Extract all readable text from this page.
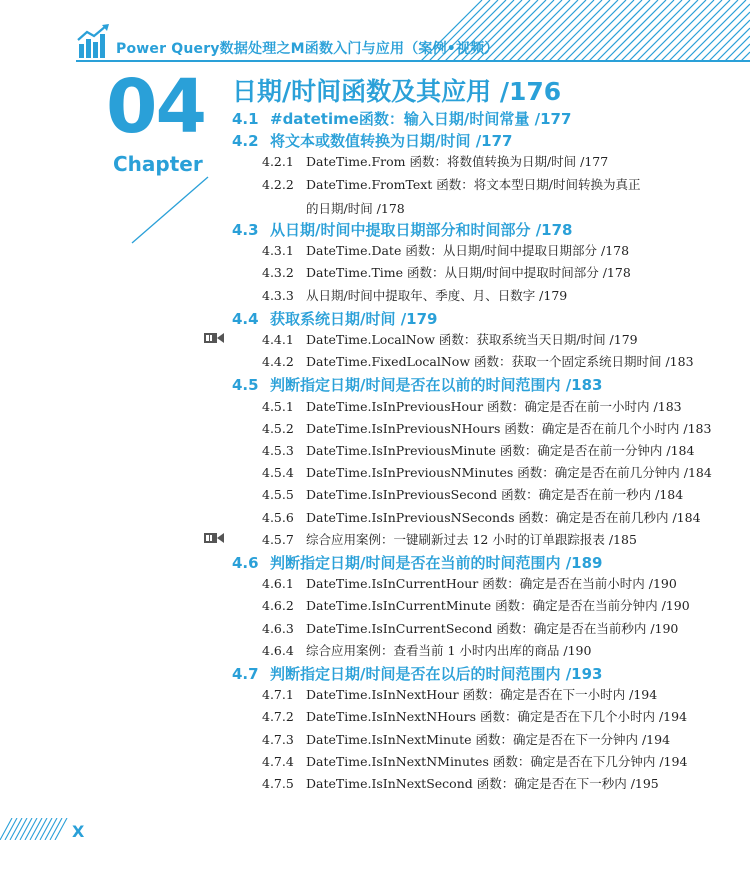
Power Query数据处理之M函数入门与应用（案例•视频）
04
Chapter
日期/时间函数及其应用 /176
4.1 #datetime函数：输入日期/时间常量 /177
4.2 将文本或数值转换为日期/时间 /177
4.2.1 DateTime.From 函数：将数值转换为日期/时间 /177
4.2.2 DateTime.FromText 函数：将文本型日期/时间转换为真正
的日期/时间 /178
4.3 从日期/时间中提取日期部分和时间部分 /178
4.3.1 DateTime.Date 函数：从日期/时间中提取日期部分 /178
4.3.2 DateTime.Time 函数：从日期/时间中提取时间部分 /178
4.3.3 从日期/时间中提取年、季度、月、日数字 /179
4.4 获取系统日期/时间 /179
4.4.1 DateTime.LocalNow 函数：获取系统当天日期/时间 /179
4.4.2 DateTime.FixedLocalNow 函数：获取一个固定系统日期时间 /183
4.5 判断指定日期/时间是否在以前的时间范围内 /183
4.5.1 DateTime.IsInPreviousHour 函数：确定是否在前一小时内 /183
4.5.2 DateTime.IsInPreviousNHours 函数：确定是否在前几个小时内 /183
4.5.3 DateTime.IsInPreviousMinute 函数：确定是否在前一分钟内 /184
4.5.4 DateTime.IsInPreviousNMinutes 函数：确定是否在前几分钟内 /184
4.5.5 DateTime.IsInPreviousSecond 函数：确定是否在前一秒内 /184
4.5.6 DateTime.IsInPreviousNSeconds 函数：确定是否在前几秒内 /184
4.5.7 综合应用案例：一键刷新过去 12 小时的订单跟踪报表 /185
4.6 判断指定日期/时间是否在当前的时间范围内 /189
4.6.1 DateTime.IsInCurrentHour 函数：确定是否在当前小时内 /190
4.6.2 DateTime.IsInCurrentMinute 函数：确定是否在当前分钟内 /190
4.6.3 DateTime.IsInCurrentSecond 函数：确定是否在当前秒内 /190
4.6.4 综合应用案例：查看当前 1 小时内出库的商品 /190
4.7 判断指定日期/时间是否在以后的时间范围内 /193
4.7.1 DateTime.IsInNextHour 函数：确定是否在下一小时内 /194
4.7.2 DateTime.IsInNextNHours 函数：确定是否在下几个小时内 /194
4.7.3 DateTime.IsInNextMinute 函数：确定是否在下一分钟内 /194
4.7.4 DateTime.IsInNextNMinutes 函数：确定是否在下几分钟内 /194
4.7.5 DateTime.IsInNextSecond 函数：确定是否在下一秒内 /195
X
